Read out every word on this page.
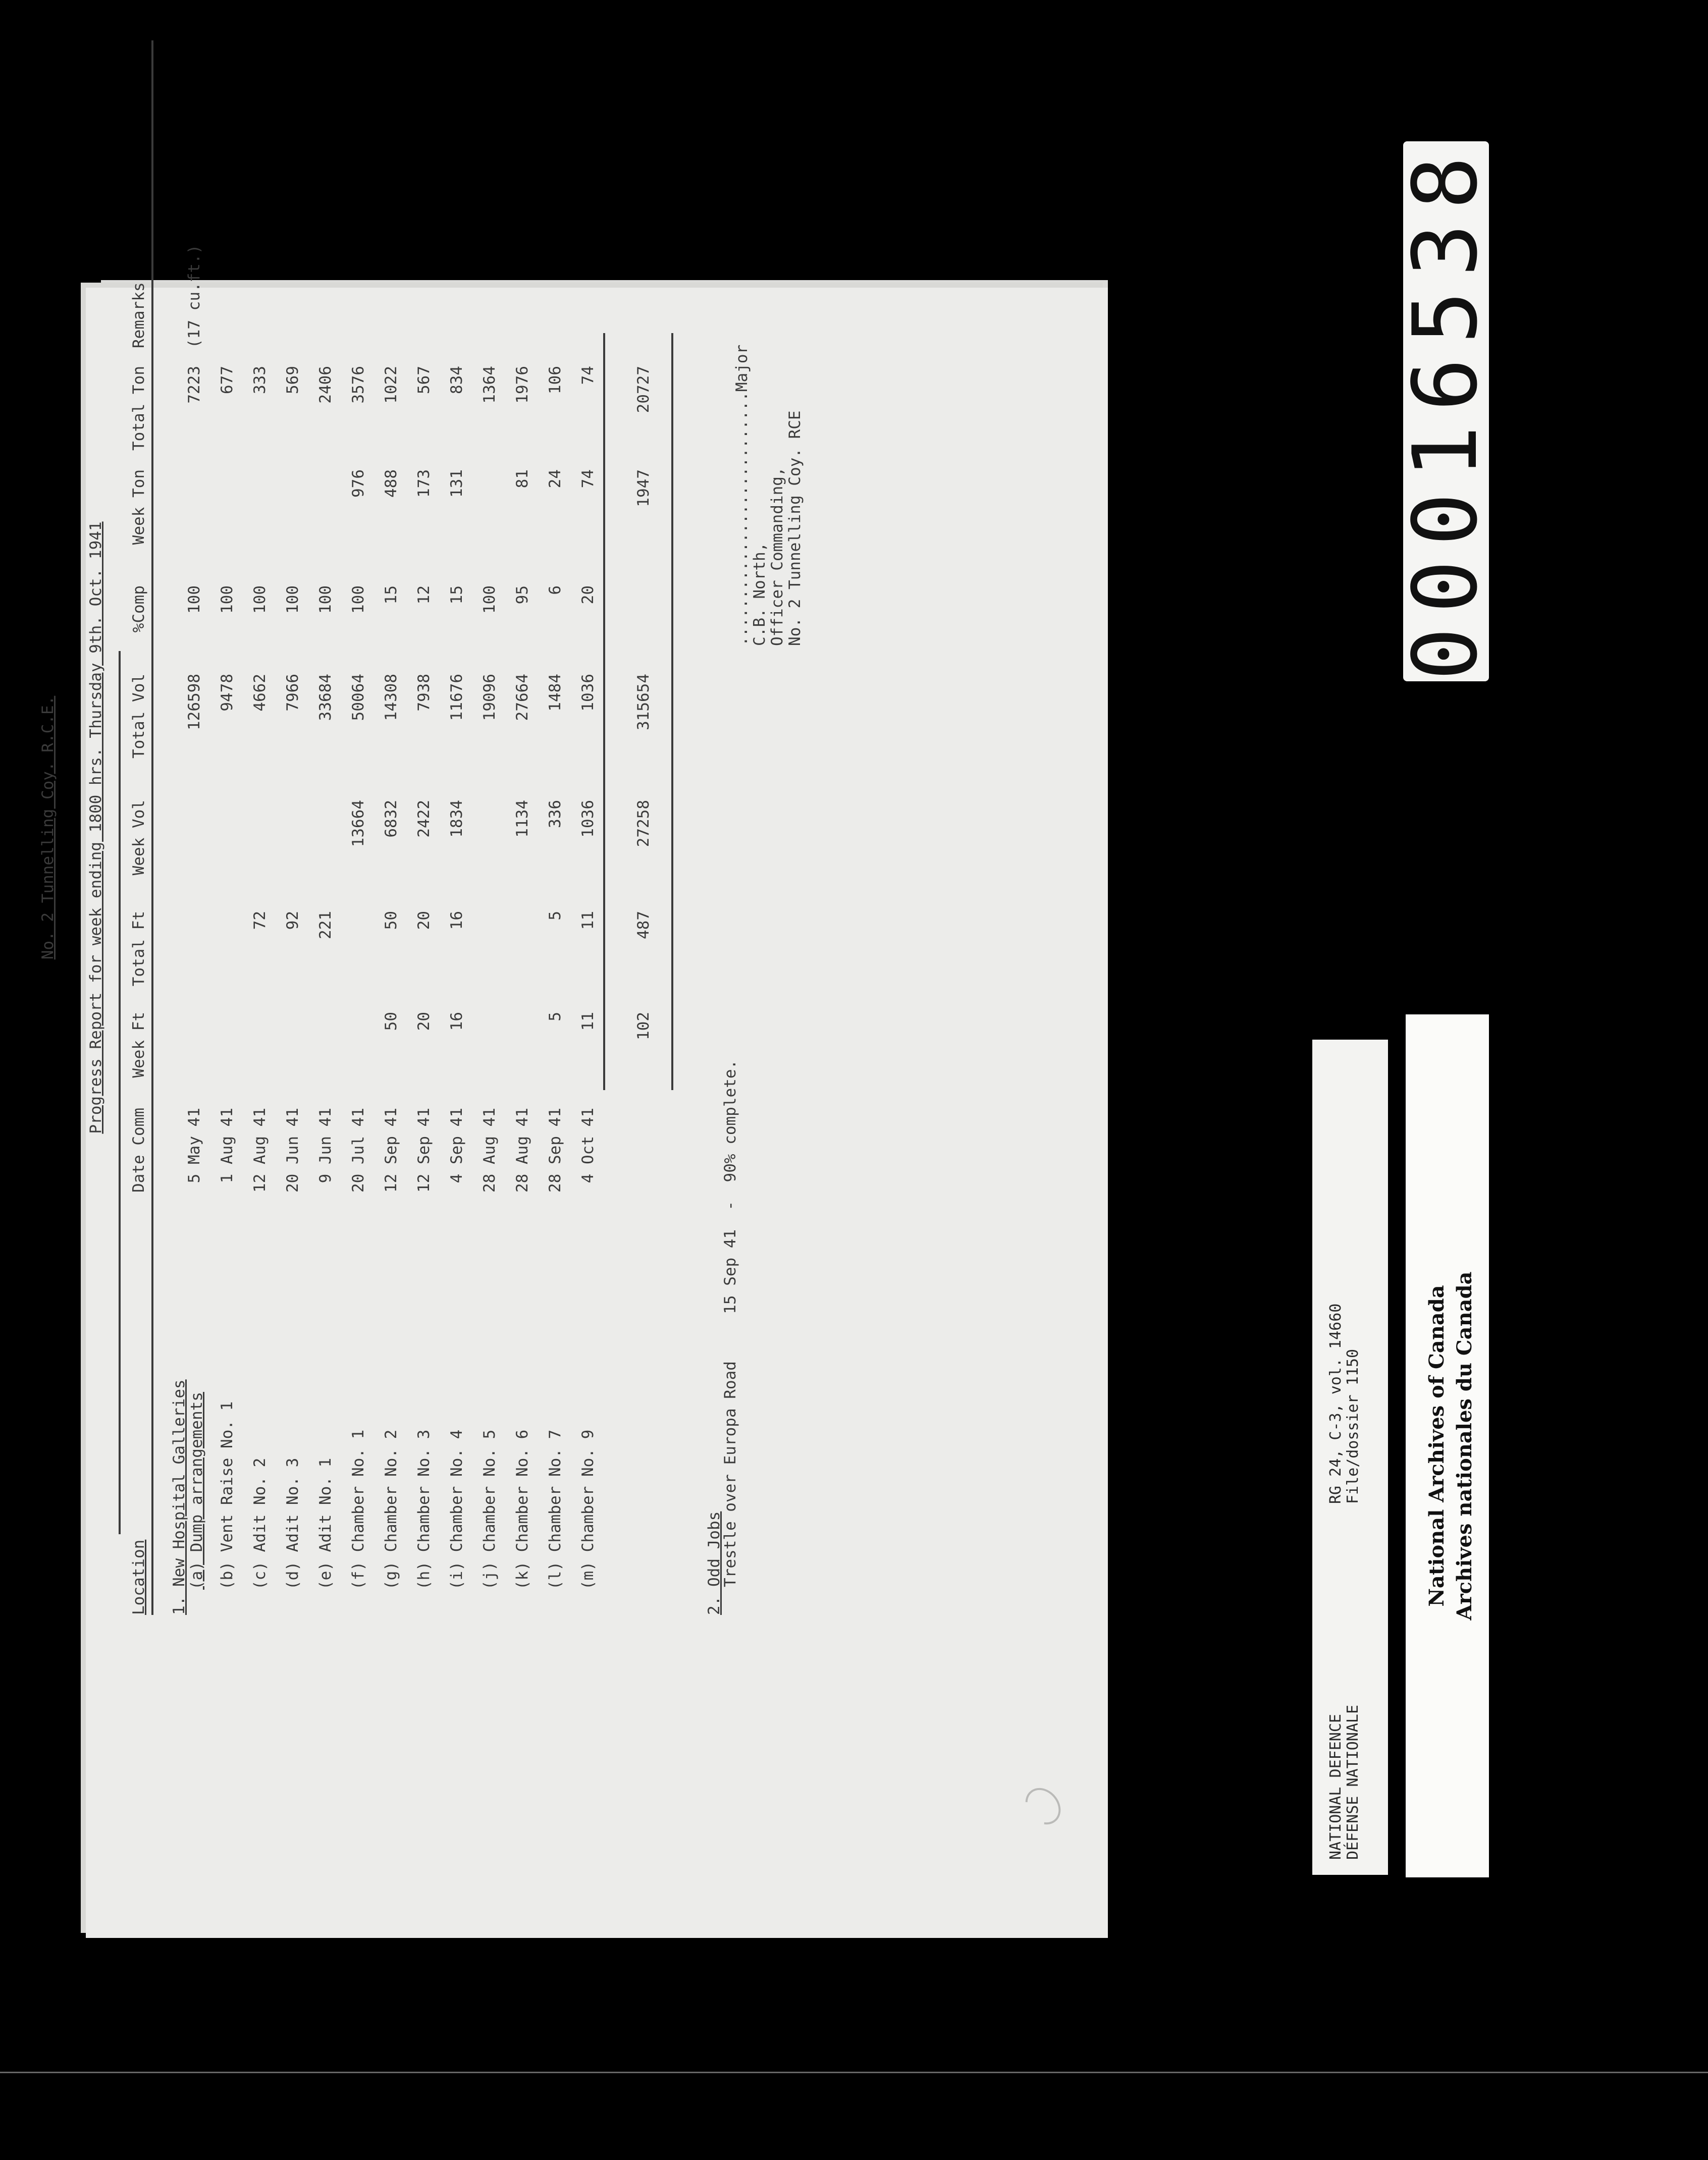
No. 2 Tunnelling Coy. R.C.E. Progress Report for week ending 1800 hrs. Thursday 9th. Oct. 1941
Location
Date Comm
Week Ft
Total Ft
Week Vol
Total Vol
%Comp
Week Ton
Total Ton
Remarks
1. New Hospital Galleries (a) Dump arrangements
5 May 41
126598
100
7223
(17 cu.ft.)
(b) Vent Raise No. 1
1 Aug 41
9478
100
677
(c) Adit No. 2
12 Aug 41
72
4662
100
333
(d) Adit No. 3
20 Jun 41
92
7966
100
569
(e) Adit No. 1
9 Jun 41
221
33684
100
2406
(f) Chamber No. 1
20 Jul 41
13664
50064
100
976
3576
(g) Chamber No. 2
12 Sep 41
50
50
6832
14308
15
488
1022
(h) Chamber No. 3
12 Sep 41
20
20
2422
7938
12
173
567
(i) Chamber No. 4
4 Sep 41
16
16
1834
11676
15
131
834
(j) Chamber No. 5
28 Aug 41
19096
100
1364
(k) Chamber No. 6
28 Aug 41
1134
27664
95
81
1976
(l) Chamber No. 7
28 Sep 41
5
5
336
1484
6
24
106
(m) Chamber No. 9
4 Oct 41
11
11
1036
1036
20
74
74
102
487
27258
315654
1947
20727
2. Odd Jobs
Trestle over Europa Road     15 Sep 41  -  90% complete.
...........................Major C.B. North, Officer Commanding, No. 2 Tunnelling Coy. RCE
NATIONAL DEFENCE DÉFENSE NATIONALE
RG 24, C-3, vol. 14660 File/dossier 1150	National Archives of Canada Archives nationales du Canada
00016538
